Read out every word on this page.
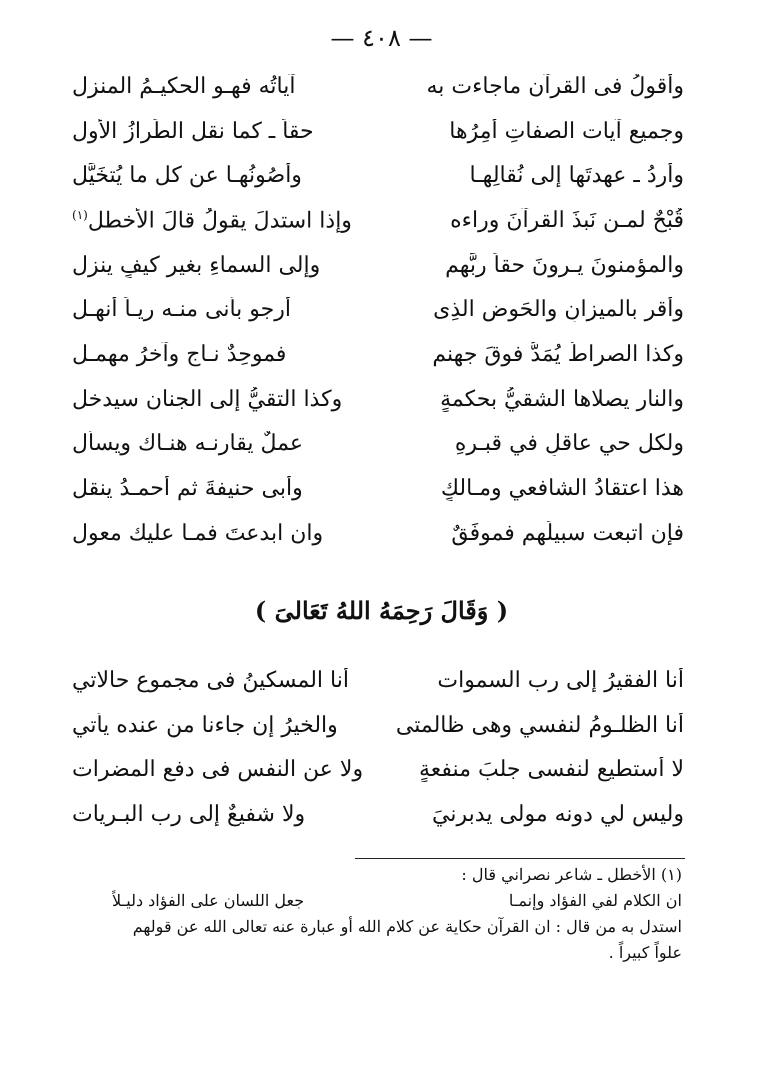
— ٤٠٨ —
وأقولُ فى القرآن ماجاءت به
آياتُه فهـو الحكيـمُ المنزل
وجميع آيات الصفاتِ أَمِرُها
حقاً ـ كما نقل الطِّرازُ الأَول
وأردُ ـ عهدتَها إلى نُقالِهـا
وأصُونُهـا عن كل ما يُتخَيَّل
قُبْحٌ لمـن نَبذَ القرآنَ وراءه
وإذا استدلَ يقولُ قالَ الأَخطل$^{(١)}$
والمؤمنونَ يـرونَ حقاً ربَّهم
وإلى السماءِ بغيرِ كيفٍ ينزل
وأقر بالميزانِ والحَوضِ الذِى
أرجو بأَنى منـه ريـاً أنهـل
وكذا الصراطُ يُمَدُّ فوقَ جهنمٍ
فموحِدٌ نـاجٍ وآخرُ مهمـل
والنار يصلاها الشقيُّ بحكمةٍ
وكذا التقيُّ إلى الجنان سيدخل
ولكل حيٍ عاقلٍ في قبـرهِ
عملٌ يقارنـه هنـاك ويسأَل
هذا اعتقادُ الشافعي ومـالكٍ
وأَبى حنيفةَ ثم أَحمـدُ ينقل
فإن اتبعت سبيلَهم فموفَقٌ
وان ابدعتَ فمـا عليك معول
( وَقَالَ رَحِمَهُ اللهُ تَعَالىَ )
أَنا الفقيرُ إلى رب السموات
أَنا المسكينُ فى مجموع حالاتي
أَنا الظلـومُ لنفسي وهى ظالمتى
والخيرُ إن جاءنا من عنده يأتي
لا أَستطيع لنفسى جلبَ منفعةٍ
ولا عن النفس فى دفع المضرات
وليس لي دونه مولى يدبرنيَ
ولا شفيعٌ إلى رب البـريات
(١) الأخطل ـ شاعر نصراني قال :
ان الكلام لفي الفؤاد وإنمـا
جعل اللسان على الفؤاد دليـلاً
استدل به من قال : ان القرآن حكاية عن كلام الله أو عبارة عنه تعالى الله عن قولهم
علواً كبيراً .
